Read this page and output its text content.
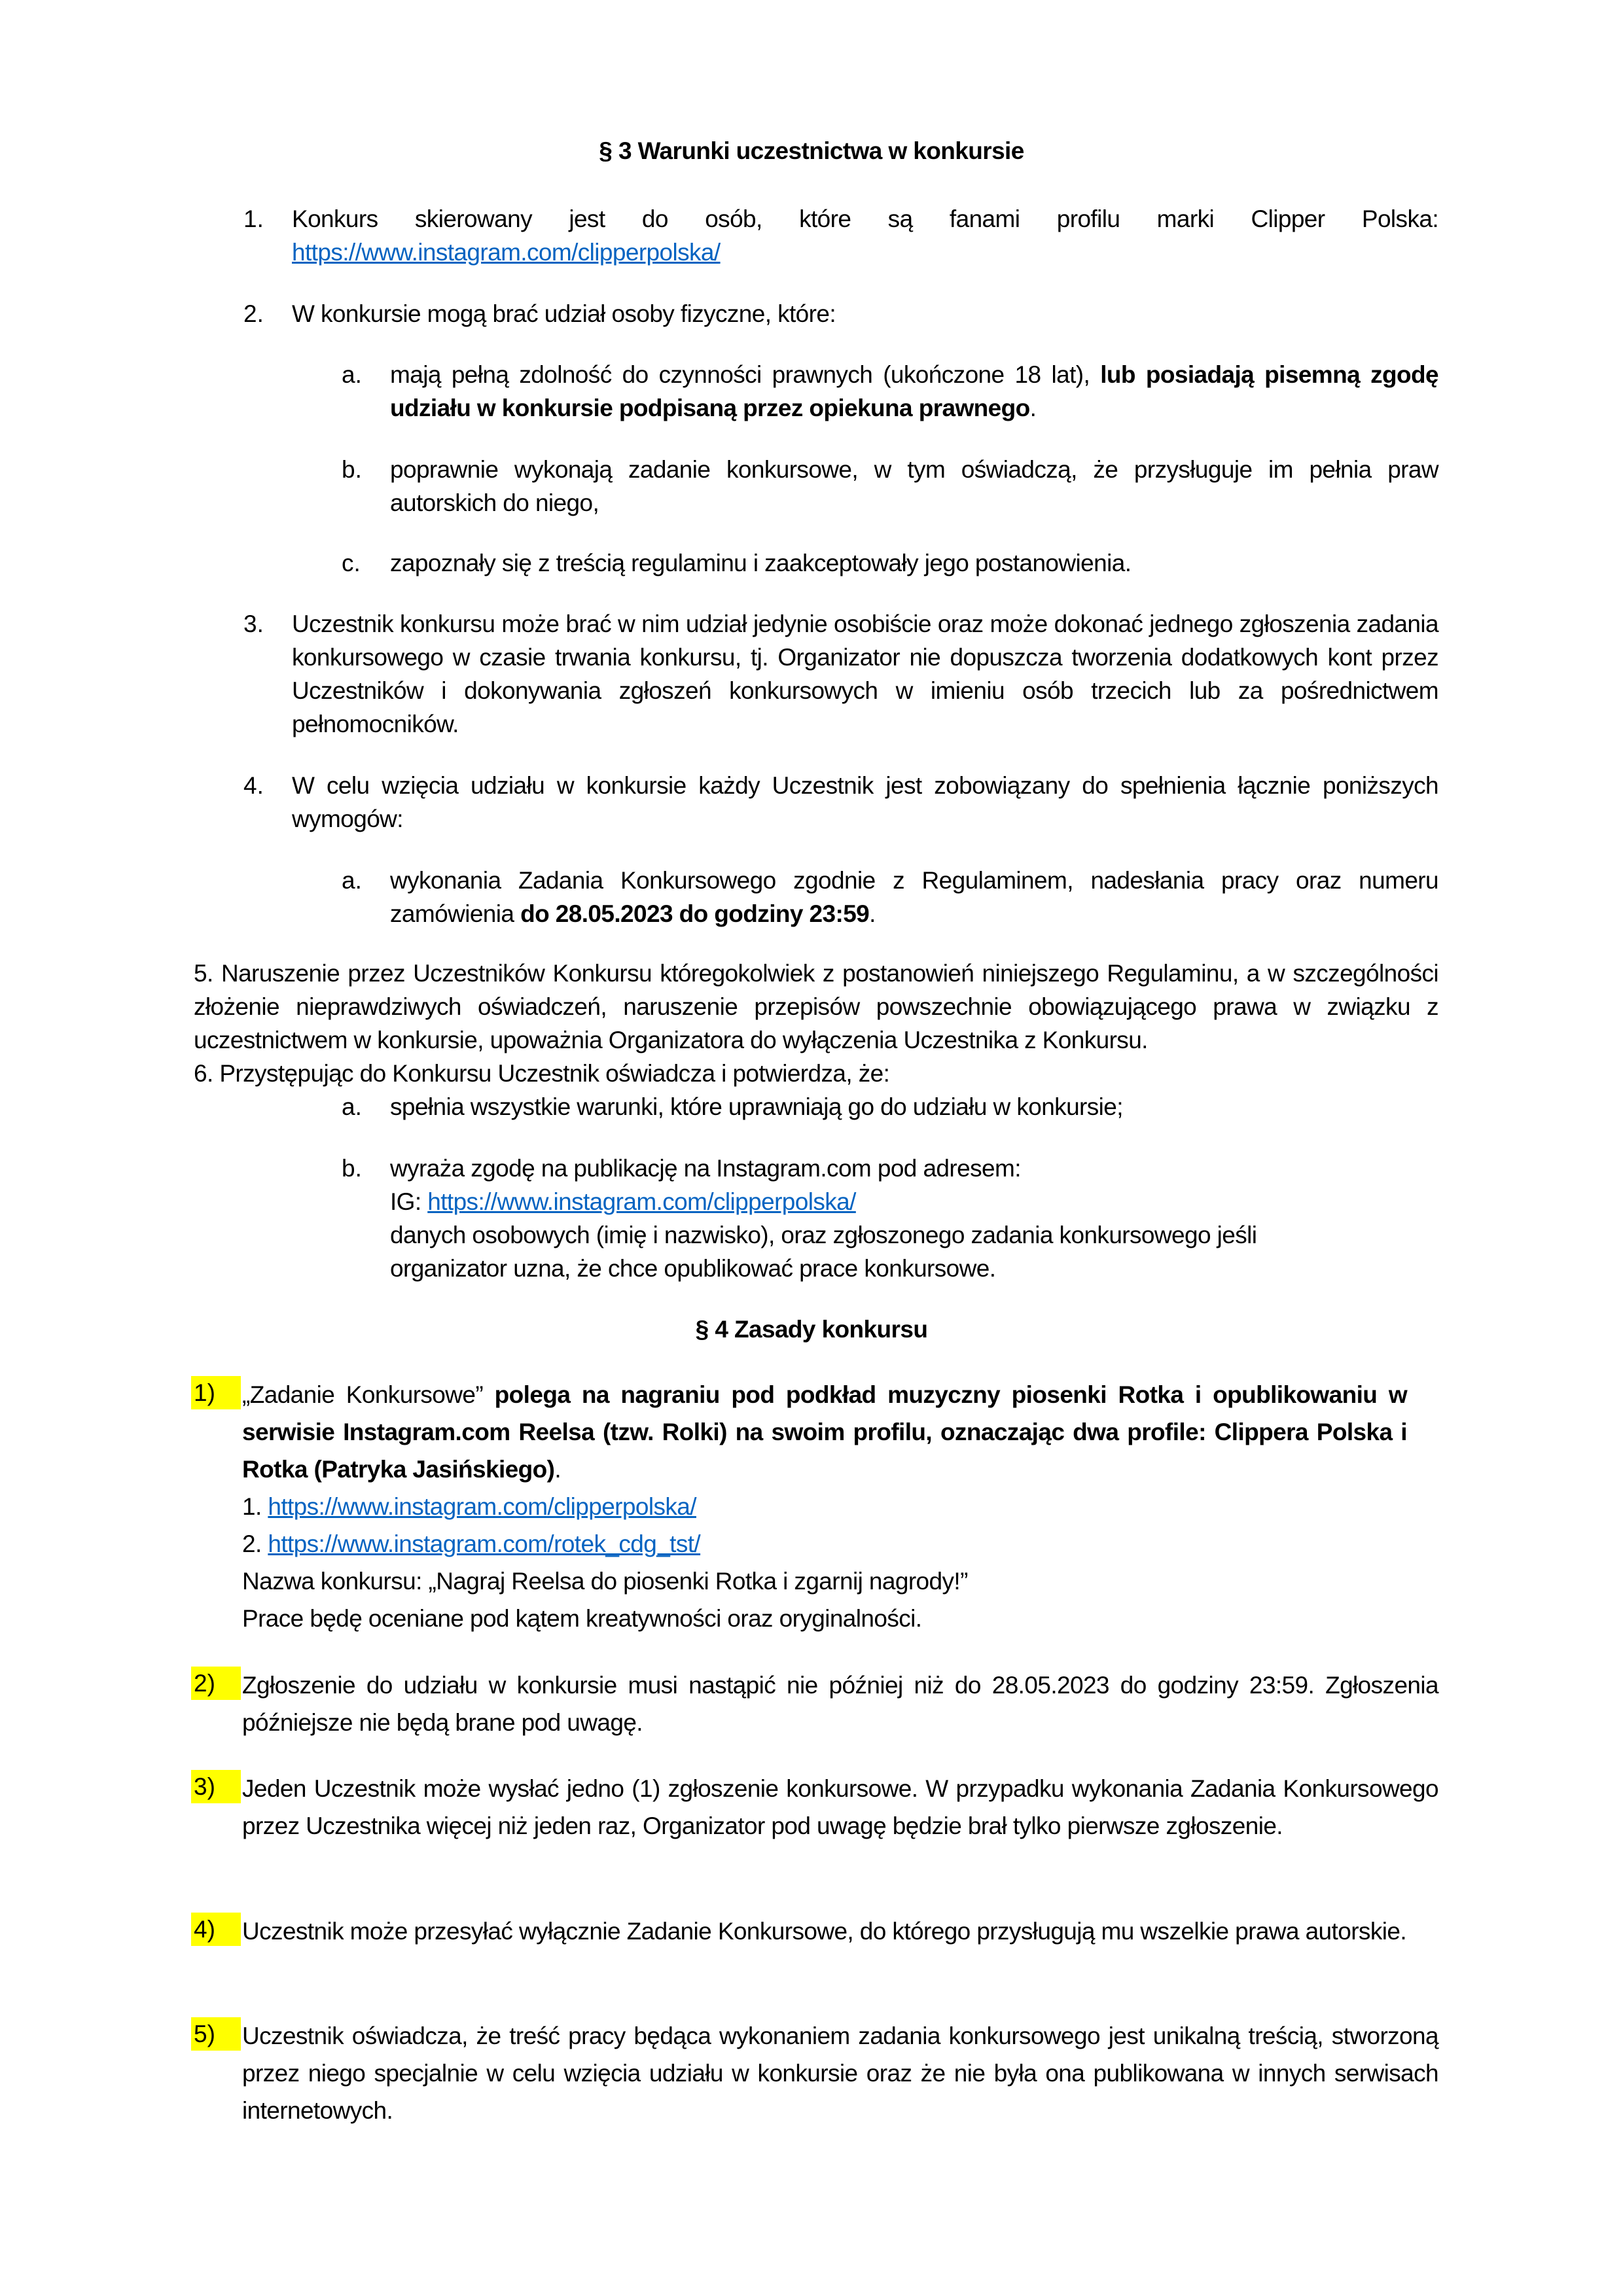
§ 3 Warunki uczestnictwa w konkursie
1. Konkurs skierowany jest do osób, które są fanami profilu marki Clipper Polska:
https://www.instagram.com/clipperpolska/
2. W konkursie mogą brać udział osoby fizyczne, które:
a. mają pełną zdolność do czynności prawnych (ukończone 18 lat), lub posiadają pisemną zgodę udziału w konkursie podpisaną przez opiekuna prawnego.
b. poprawnie wykonają zadanie konkursowe, w tym oświadczą, że przysługuje im pełnia praw autorskich do niego,
c. zapoznały się z treścią regulaminu i zaakceptowały jego postanowienia.
3. Uczestnik konkursu może brać w nim udział jedynie osobiście oraz może dokonać jednego zgłoszenia zadania konkursowego w czasie trwania konkursu, tj. Organizator nie dopuszcza tworzenia dodatkowych kont przez Uczestników i dokonywania zgłoszeń konkursowych w imieniu osób trzecich lub za pośrednictwem pełnomocników.
4. W celu wzięcia udziału w konkursie każdy Uczestnik jest zobowiązany do spełnienia łącznie poniższych wymogów:
a. wykonania Zadania Konkursowego zgodnie z Regulaminem, nadesłania pracy oraz numeru zamówienia do 28.05.2023 do godziny 23:59.
5. Naruszenie przez Uczestników Konkursu któregokolwiek z postanowień niniejszego Regulaminu, a w szczególności złożenie nieprawdziwych oświadczeń, naruszenie przepisów powszechnie obowiązującego prawa w związku z uczestnictwem w konkursie, upoważnia Organizatora do wyłączenia Uczestnika z Konkursu.
6. Przystępując do Konkursu Uczestnik oświadcza i potwierdza, że:
a. spełnia wszystkie warunki, które uprawniają go do udziału w konkursie;
b. wyraża zgodę na publikację na Instagram.com pod adresem:
IG: https://www.instagram.com/clipperpolska/
danych osobowych (imię i nazwisko), oraz zgłoszonego zadania konkursowego jeśli
organizator uzna, że chce opublikować prace konkursowe.
§ 4 Zasady konkursu
1)	„Zadanie Konkursowe” polega na nagraniu pod podkład muzyczny piosenki Rotka i opublikowaniu w serwisie Instagram.com Reelsa (tzw. Rolki) na swoim profilu, oznaczając dwa profile: Clippera Polska i Rotka (Patryka Jasińskiego).
1. https://www.instagram.com/clipperpolska/
2. https://www.instagram.com/rotek_cdg_tst/
Nazwa konkursu: „Nagraj Reelsa do piosenki Rotka i zgarnij nagrody!”
Prace będę oceniane pod kątem kreatywności oraz oryginalności.
2)	Zgłoszenie do udziału w konkursie musi nastąpić nie później niż do 28.05.2023 do godziny 23:59. Zgłoszenia późniejsze nie będą brane pod uwagę.
3)	Jeden Uczestnik może wysłać jedno (1) zgłoszenie konkursowe. W przypadku wykonania Zadania Konkursowego przez Uczestnika więcej niż jeden raz, Organizator pod uwagę będzie brał tylko pierwsze zgłoszenie.
4)	Uczestnik może przesyłać wyłącznie Zadanie Konkursowe, do którego przysługują mu wszelkie prawa autorskie.
5)	Uczestnik oświadcza, że treść pracy będąca wykonaniem zadania konkursowego jest unikalną treścią, stworzoną przez niego specjalnie w celu wzięcia udziału w konkursie oraz że nie była ona publikowana w innych serwisach internetowych.
